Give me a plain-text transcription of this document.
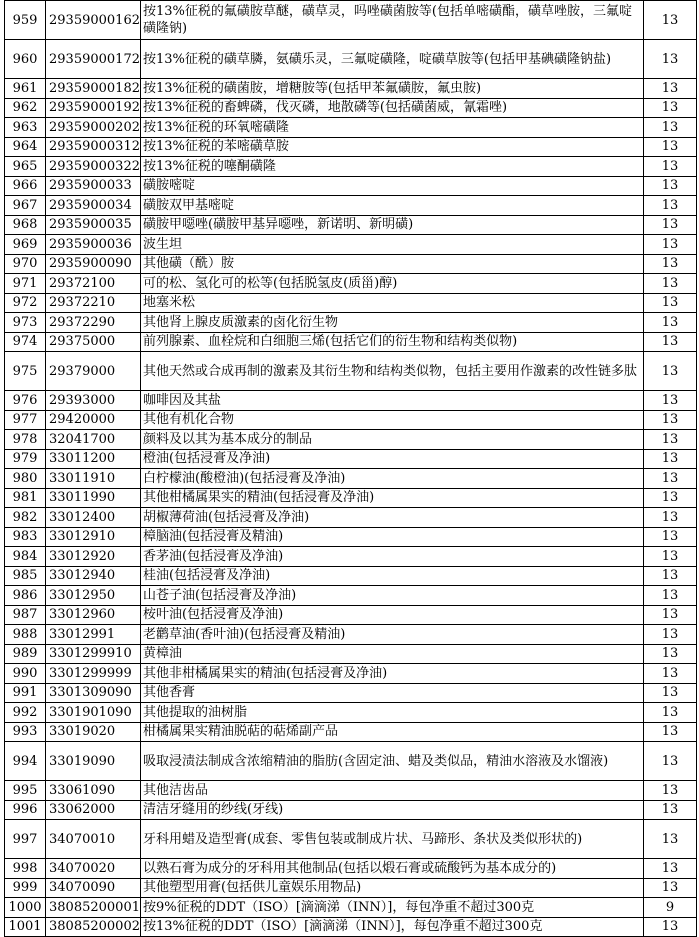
959	29359000162	按13%征税的氟磺胺草醚，磺草灵，吗唑磺菌胺等(包括单嘧磺酯，磺草唑胺，三氟啶磺隆钠)	13
960	29359000172	按13%征税的磺草膦，氨磺乐灵，三氟啶磺隆，啶磺草胺等(包括甲基碘磺隆钠盐)	13
961	29359000182	按13%征税的磺菌胺，增糖胺等(包括甲苯氟磺胺，氟虫胺)	13
962	29359000192	按13%征税的畜蜱磷，伐灭磷，地散磷等(包括磺菌威，氰霜唑)	13
963	29359000202	按13%征税的环氧嘧磺隆	13
964	29359000312	按13%征税的苯嘧磺草胺	13
965	29359000322	按13%征税的噻酮磺隆	13
966	2935900033	磺胺嘧啶	13
967	2935900034	磺胺双甲基嘧啶	13
968	2935900035	磺胺甲噁唑(磺胺甲基异噁唑，新诺明、新明磺)	13
969	2935900036	波生坦	13
970	2935900090	其他磺（酰）胺	13
971	29372100	可的松、氢化可的松等(包括脱氢皮(质甾)醇)	13
972	29372210	地塞米松	13
973	29372290	其他肾上腺皮质激素的卤化衍生物	13
974	29375000	前列腺素、血栓烷和白细胞三烯(包括它们的衍生物和结构类似物)	13
975	29379000	其他天然或合成再制的激素及其衍生物和结构类似物，包括主要用作激素的改性链多肽	13
976	29393000	咖啡因及其盐	13
977	29420000	其他有机化合物	13
978	32041700	颜料及以其为基本成分的制品	13
979	33011200	橙油(包括浸膏及净油)	13
980	33011910	白柠檬油(酸橙油)(包括浸膏及净油)	13
981	33011990	其他柑橘属果实的精油(包括浸膏及净油)	13
982	33012400	胡椒薄荷油(包括浸膏及净油)	13
983	33012910	樟脑油(包括浸膏及精油)	13
984	33012920	香茅油(包括浸膏及净油)	13
985	33012940	桂油(包括浸膏及净油)	13
986	33012950	山苍子油(包括浸膏及净油)	13
987	33012960	桉叶油(包括浸膏及净油)	13
988	33012991	老鹳草油(香叶油)(包括浸膏及精油)	13
989	3301299910	黄樟油	13
990	3301299999	其他非柑橘属果实的精油(包括浸膏及净油)	13
991	3301309090	其他香膏	13
992	3301901090	其他提取的油树脂	13
993	33019020	柑橘属果实精油脱萜的萜烯副产品	13
994	33019090	吸取浸渍法制成含浓缩精油的脂肪(含固定油、蜡及类似品，精油水溶液及水馏液)	13
995	33061090	其他洁齿品	13
996	33062000	清洁牙缝用的纱线(牙线)	13
997	34070010	牙科用蜡及造型膏(成套、零售包装或制成片状、马蹄形、条状及类似形状的)	13
998	34070020	以熟石膏为成分的牙科用其他制品(包括以煅石膏或硫酸钙为基本成分的)	13
999	34070090	其他塑型用膏(包括供儿童娱乐用物品)	13
1000	38085200001	按9%征税的DDT（ISO）[滴滴涕（INN）]，每包净重不超过300克	9
1001	38085200002	按13%征税的DDT（ISO）[滴滴涕（INN）]，每包净重不超过300克	13
